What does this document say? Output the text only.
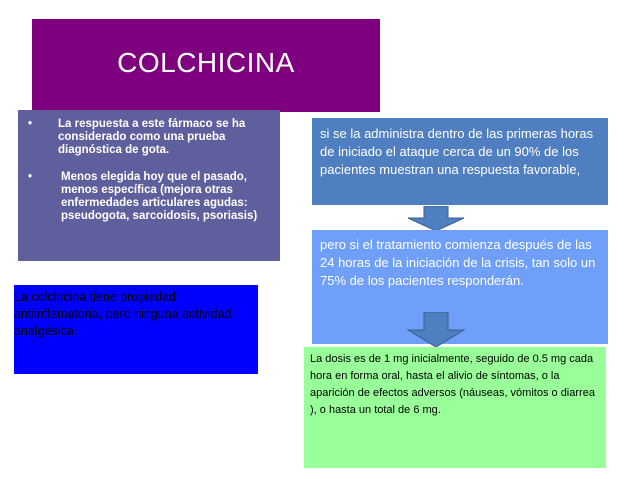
COLCHICINA
•	La respuesta a este fármaco se ha considerado como una prueba diagnóstica de gota.
•	Menos elegida hoy que el pasado, menos específica (mejora otras enfermedades articulares agudas: pseudogota, sarcoidosis, psoriasis)
si se la administra dentro de las primeras horas de iniciado el ataque cerca de un 90% de los pacientes muestran una respuesta favorable,
pero si el tratamiento comienza después de las 24 horas de la iniciación de la crisis, tan solo un 75% de los pacientes responderán.
La dosis es de 1 mg inicialmente, seguido de 0.5 mg cada hora en forma oral, hasta el alivio de síntomas, o la aparición de efectos adversos (náuseas, vómitos o diarrea ), o hasta un total de 6 mg.
La colchicina tiene propiedad antiinflamatoria, pero ninguna actividad analgésica.
